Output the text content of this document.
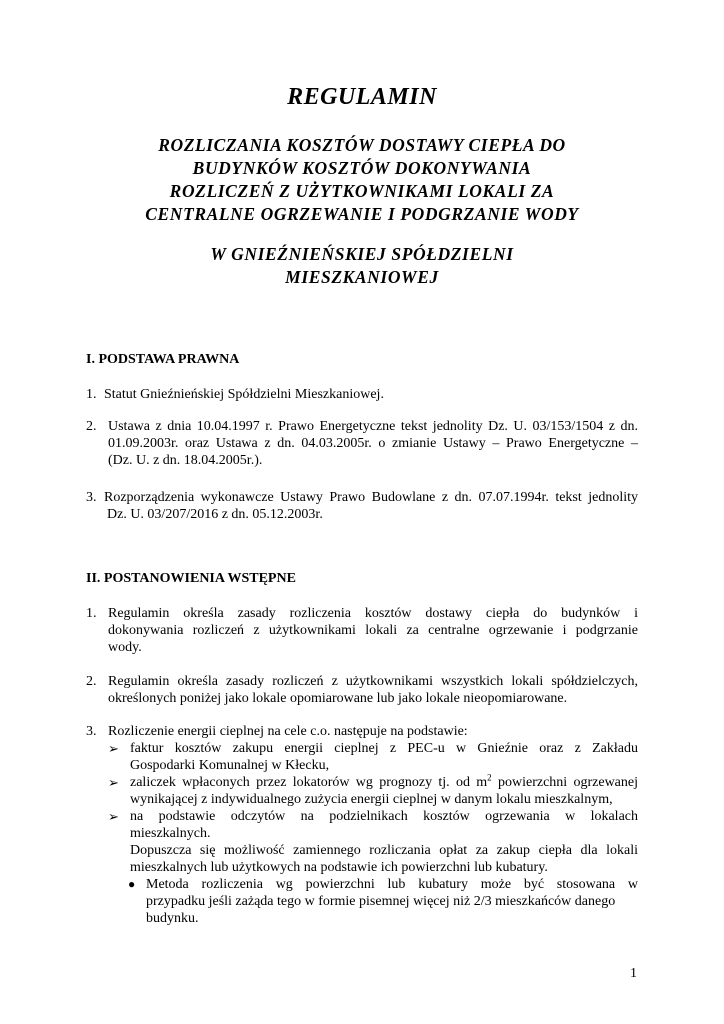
REGULAMIN
ROZLICZANIA KOSZTÓW DOSTAWY CIEPŁA DO
BUDYNKÓW KOSZTÓW DOKONYWANIA
ROZLICZEŃ Z UŻYTKOWNIKAMI LOKALI ZA
CENTRALNE OGRZEWANIE I PODGRZANIE WODY
W GNIEŹNIEŃSKIEJ SPÓŁDZIELNI
MIESZKANIOWEJ
I. PODSTAWA PRAWNA
1. Statut Gnieźnieńskiej Spółdzielni Mieszkaniowej.
2. Ustawa z dnia 10.04.1997 r. Prawo Energetyczne tekst jednolity Dz. U. 03/153/1504 z dn.
01.09.2003r. oraz Ustawa z dn. 04.03.2005r. o zmianie Ustawy – Prawo Energetyczne –
(Dz. U. z dn. 18.04.2005r.).
3. Rozporządzenia wykonawcze Ustawy Prawo Budowlane z dn. 07.07.1994r. tekst jednolity
Dz. U. 03/207/2016 z dn. 05.12.2003r.
II. POSTANOWIENIA WSTĘPNE
1. Regulamin określa zasady rozliczenia kosztów dostawy ciepła do budynków i
dokonywania rozliczeń z użytkownikami lokali za centralne ogrzewanie i podgrzanie
wody.
2. Regulamin określa zasady rozliczeń z użytkownikami wszystkich lokali spółdzielczych,
określonych poniżej jako lokale opomiarowane lub jako lokale nieopomiarowane.
3. Rozliczenie energii cieplnej na cele c.o. następuje na podstawie:
➢ faktur kosztów zakupu energii cieplnej z PEC-u w Gnieźnie oraz z Zakładu
Gospodarki Komunalnej w Kłecku,
➢ zaliczek wpłaconych przez lokatorów wg prognozy tj. od $m^2$ powierzchni ogrzewanej
wynikającej z indywidualnego zużycia energii cieplnej w danym lokalu mieszkalnym,
➢ na podstawie odczytów na podzielnikach kosztów ogrzewania w lokalach
mieszkalnych.
Dopuszcza się możliwość zamiennego rozliczania opłat za zakup ciepła dla lokali
mieszkalnych lub użytkowych na podstawie ich powierzchni lub kubatury.
● Metoda rozliczenia wg powierzchni lub kubatury może być stosowana w
przypadku jeśli zażąda tego w formie pisemnej więcej niż 2/3 mieszkańców danego
budynku.
1
